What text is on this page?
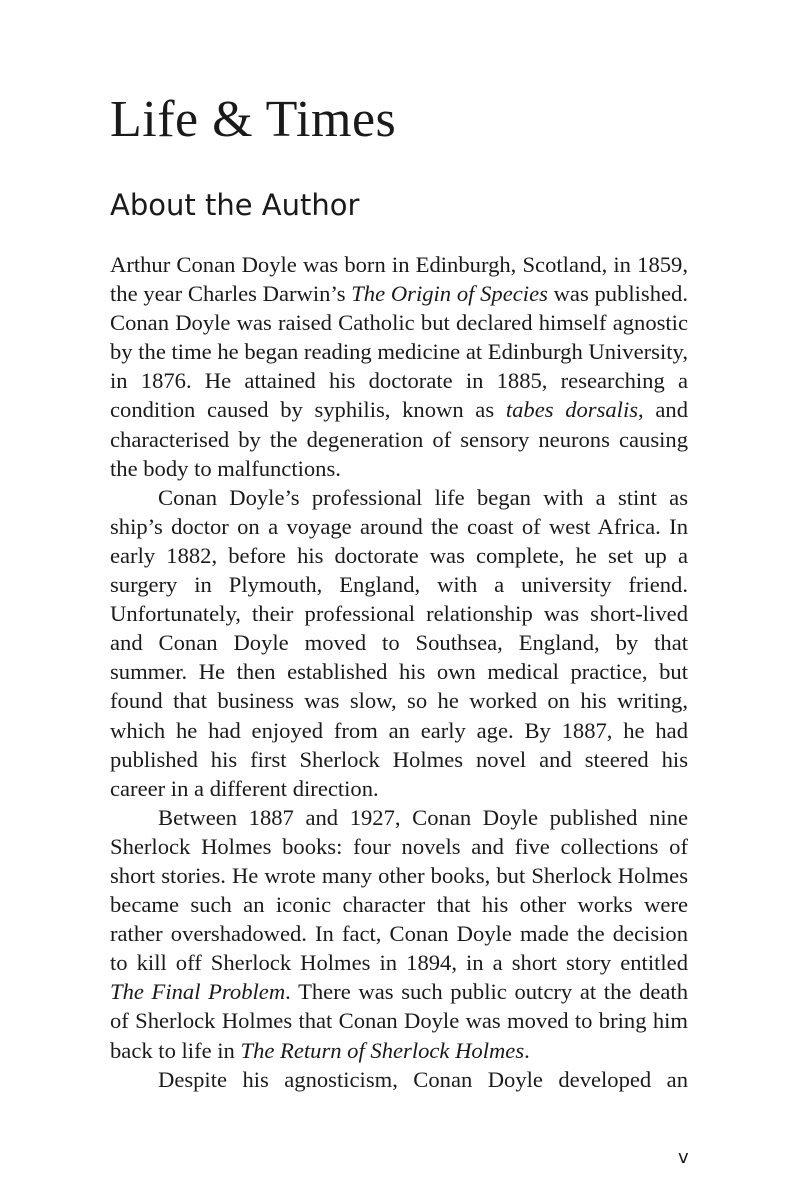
Life & Times
About the Author

Arthur Conan Doyle was born in Edinburgh, Scotland, in 1859, the year Charles Darwin’s The Origin of Species was published. Conan Doyle was raised Catholic but declared himself agnostic by the time he began reading medicine at Edinburgh University, in 1876. He attained his doctorate in 1885, researching a condition caused by syphilis, known as tabes dorsalis, and characterised by the degeneration of sensory neurons causing the body to malfunctions.

Conan Doyle’s professional life began with a stint as ship’s doctor on a voyage around the coast of west Africa. In early 1882, before his doctorate was complete, he set up a surgery in Plymouth, England, with a university friend. Unfortunately, their professional relationship was short-lived and Conan Doyle moved to Southsea, England, by that summer. He then established his own medical practice, but found that business was slow, so he worked on his writing, which he had enjoyed from an early age. By 1887, he had published his first Sherlock Holmes novel and steered his career in a different direction.

Between 1887 and 1927, Conan Doyle published nine Sherlock Holmes books: four novels and five collections of short stories. He wrote many other books, but Sherlock Holmes became such an iconic character that his other works were rather overshadowed. In fact, Conan Doyle made the decision to kill off Sherlock Holmes in 1894, in a short story entitled The Final Problem. There was such public outcry at the death of Sherlock Holmes that Conan Doyle was moved to bring him back to life in The Return of Sherlock Holmes.

Despite his agnosticism, Conan Doyle developed an

v
